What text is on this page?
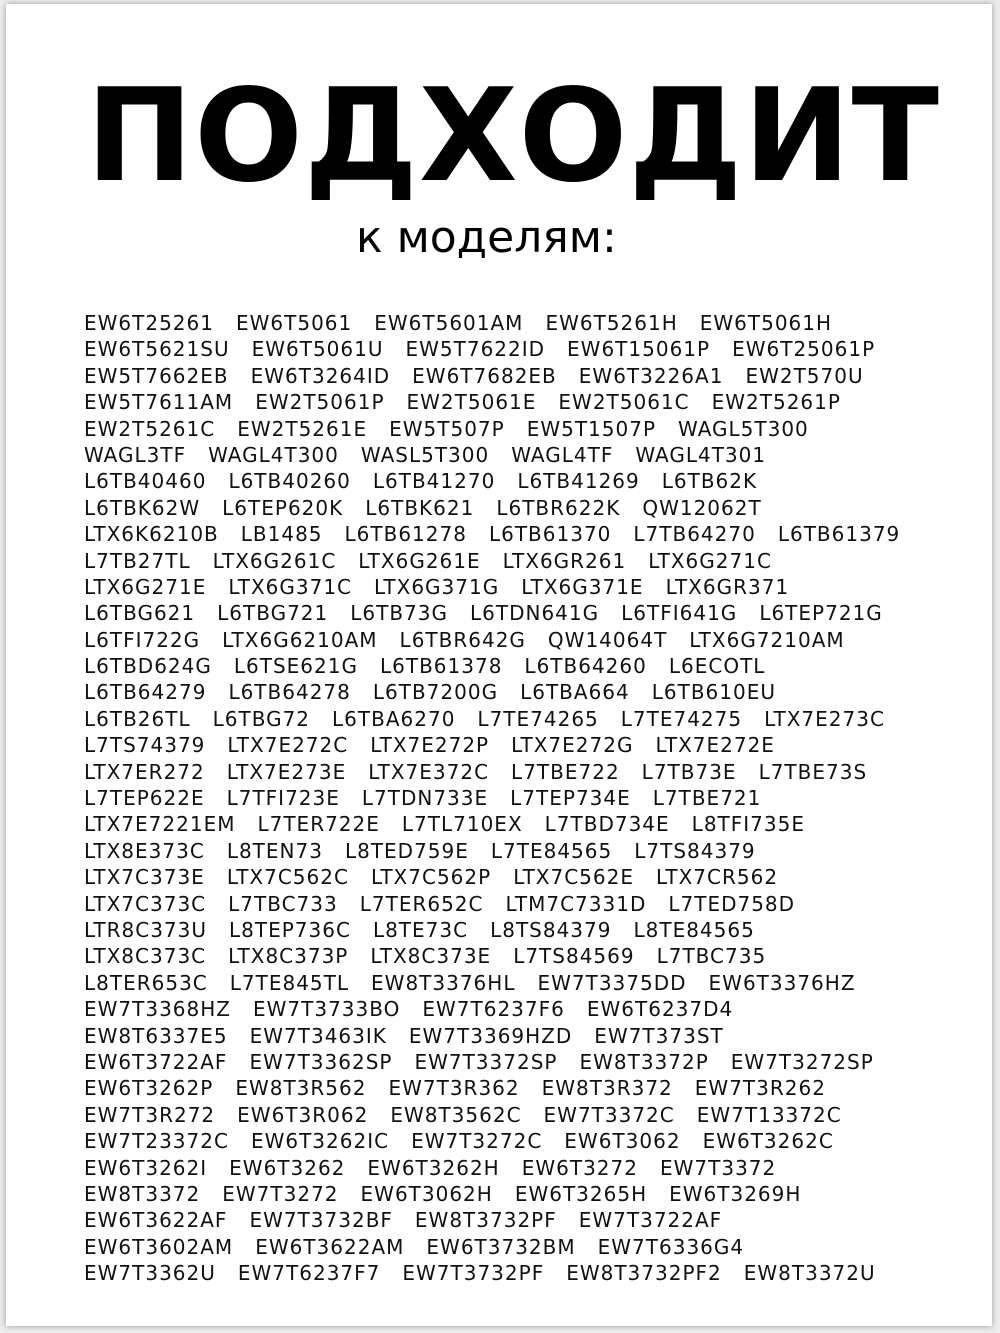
ПОДХОДИТ
к моделям:
EW6T25261 EW6T5061 EW6T5601AM EW6T5261H EW6T5061H
EW6T5621SU EW6T5061U EW5T7622ID EW6T15061P EW6T25061P
EW5T7662EB EW6T3264ID EW6T7682EB EW6T3226A1 EW2T570U
EW5T7611AM EW2T5061P EW2T5061E EW2T5061C EW2T5261P
EW2T5261C EW2T5261E EW5T507P EW5T1507P WAGL5T300
WAGL3TF WAGL4T300 WASL5T300 WAGL4TF WAGL4T301
L6TB40460 L6TB40260 L6TB41270 L6TB41269 L6TB62K
L6TBK62W L6TEP620K L6TBK621 L6TBR622K QW12062T
LTX6K6210B LB1485 L6TB61278 L6TB61370 L7TB64270 L6TB61379
L7TB27TL LTX6G261C LTX6G261E LTX6GR261 LTX6G271C
LTX6G271E LTX6G371C LTX6G371G LTX6G371E LTX6GR371
L6TBG621 L6TBG721 L6TB73G L6TDN641G L6TFI641G L6TEP721G
L6TFI722G LTX6G6210AM L6TBR642G QW14064T LTX6G7210AM
L6TBD624G L6TSE621G L6TB61378 L6TB64260 L6ECOTL
L6TB64279 L6TB64278 L6TB7200G L6TBA664 L6TB610EU
L6TB26TL L6TBG72 L6TBA6270 L7TE74265 L7TE74275 LTX7E273C
L7TS74379 LTX7E272C LTX7E272P LTX7E272G LTX7E272E
LTX7ER272 LTX7E273E LTX7E372C L7TBE722 L7TB73E L7TBE73S
L7TEP622E L7TFI723E L7TDN733E L7TEP734E L7TBE721
LTX7E7221EM L7TER722E L7TL710EX L7TBD734E L8TFI735E
LTX8E373C L8TEN73 L8TED759E L7TE84565 L7TS84379
LTX7C373E LTX7C562C LTX7C562P LTX7C562E LTX7CR562
LTX7C373C L7TBC733 L7TER652C LTM7C7331D L7TED758D
LTR8C373U L8TEP736C L8TE73C L8TS84379 L8TE84565
LTX8C373C LTX8C373P LTX8C373E L7TS84569 L7TBC735
L8TER653C L7TE845TL EW8T3376HL EW7T3375DD EW6T3376HZ
EW7T3368HZ EW7T3733BO EW7T6237F6 EW6T6237D4
EW8T6337E5 EW7T3463IK EW7T3369HZD EW7T373ST
EW6T3722AF EW7T3362SP EW7T3372SP EW8T3372P EW7T3272SP
EW6T3262P EW8T3R562 EW7T3R362 EW8T3R372 EW7T3R262
EW7T3R272 EW6T3R062 EW8T3562C EW7T3372C EW7T13372C
EW7T23372C EW6T3262IC EW7T3272C EW6T3062 EW6T3262C
EW6T3262I EW6T3262 EW6T3262H EW6T3272 EW7T3372
EW8T3372 EW7T3272 EW6T3062H EW6T3265H EW6T3269H
EW6T3622AF EW7T3732BF EW8T3732PF EW7T3722AF
EW6T3602AM EW6T3622AM EW6T3732BM EW7T6336G4
EW7T3362U EW7T6237F7 EW7T3732PF EW8T3732PF2 EW8T3372U
